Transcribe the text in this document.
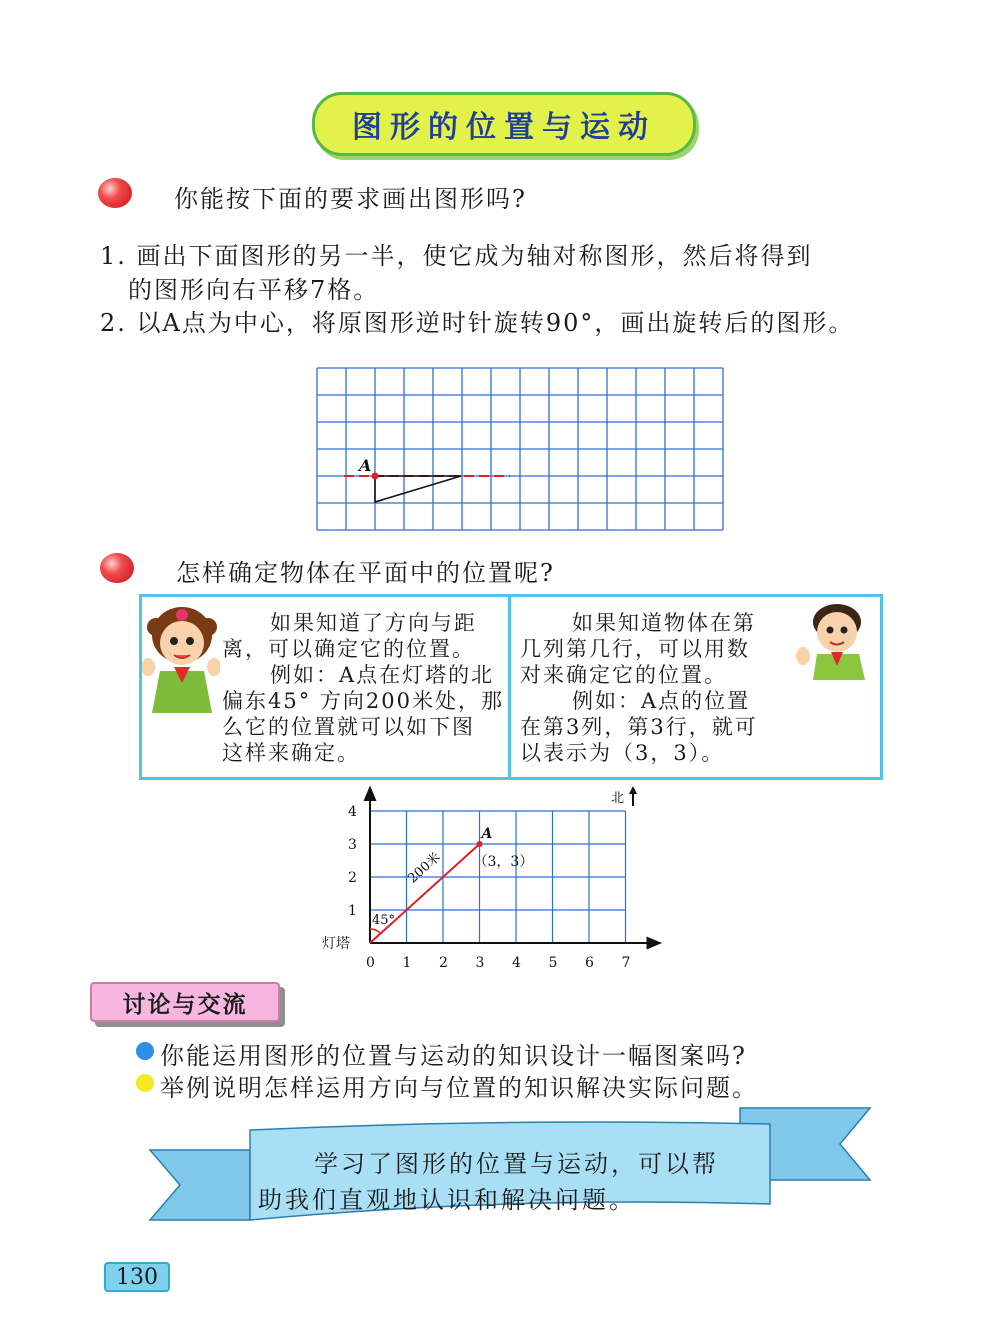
图形的位置与运动
你能按下面的要求画出图形吗?
1. 画出下面图形的另一半，使它成为轴对称图形，然后将得到
的图形向右平移7格。
2. 以A点为中心，将原图形逆时针旋转90°，画出旋转后的图形。
A
怎样确定物体在平面中的位置呢?
如果知道了方向与距
离，可以确定它的位置。
例如：A点在灯塔的北
偏东45° 方向200米处，那
么它的位置就可以如下图
这样来确定。
如果知道物体在第
几列第几行，可以用数
对来确定它的位置。
例如：A点的位置
在第3列，第3行，就可
以表示为（3，3）。
0 1 2 3 4 5 6 7
1
2
3
4
北
灯塔
200米
45°
A
（3，3）
讨论与交流
你能运用图形的位置与运动的知识设计一幅图案吗?
举例说明怎样运用方向与位置的知识解决实际问题。
学习了图形的位置与运动，可以帮
助我们直观地认识和解决问题。
130
